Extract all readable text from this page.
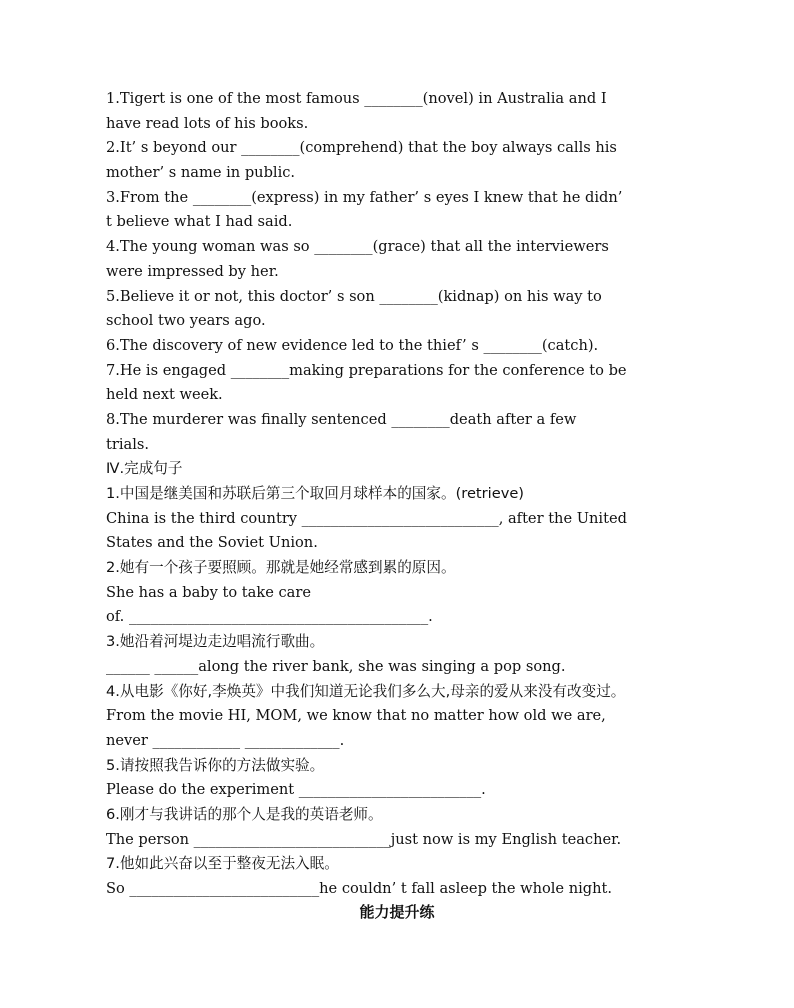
1.Tigert is one of the most famous ________(novel) in Australia and I
have read lots of his books.
2.It’ s beyond our ________(comprehend) that the boy always calls his
mother’ s name in public.
3.From the ________(express) in my father’ s eyes I knew that he didn’
t believe what I had said.
4.The young woman was so ________(grace) that all the interviewers
were impressed by her.
5.Believe it or not, this doctor’ s son ________(kidnap) on his way to
school two years ago.
6.The discovery of new evidence led to the thief’ s ________(catch).
7.He is engaged ________making preparations for the conference to be
held next week.
8.The murderer was finally sentenced ________death after a few
trials.
Ⅳ.完成句子
1.中国是继美国和苏联后第三个取回月球样本的国家。(retrieve)
China is the third country ___________________________, after the United
States and the Soviet Union.
2.她有一个孩子要照顾。那就是她经常感到累的原因。
She has a baby to take care
of. _________________________________________.
3.她沿着河堤边走边唱流行歌曲。
______ ______along the river bank, she was singing a pop song.
4.从电影《你好,李焕英》中我们知道无论我们多么大,母亲的爱从来没有改变过。
From the movie HI, MOM, we know that no matter how old we are,
never ____________ _____________.
5.请按照我告诉你的方法做实验。
Please do the experiment _________________________.
6.刚才与我讲话的那个人是我的英语老师。
The person ___________________________just now is my English teacher.
7.他如此兴奋以至于整夜无法入眠。
So __________________________he couldn’ t fall asleep the whole night.
能力提升练
